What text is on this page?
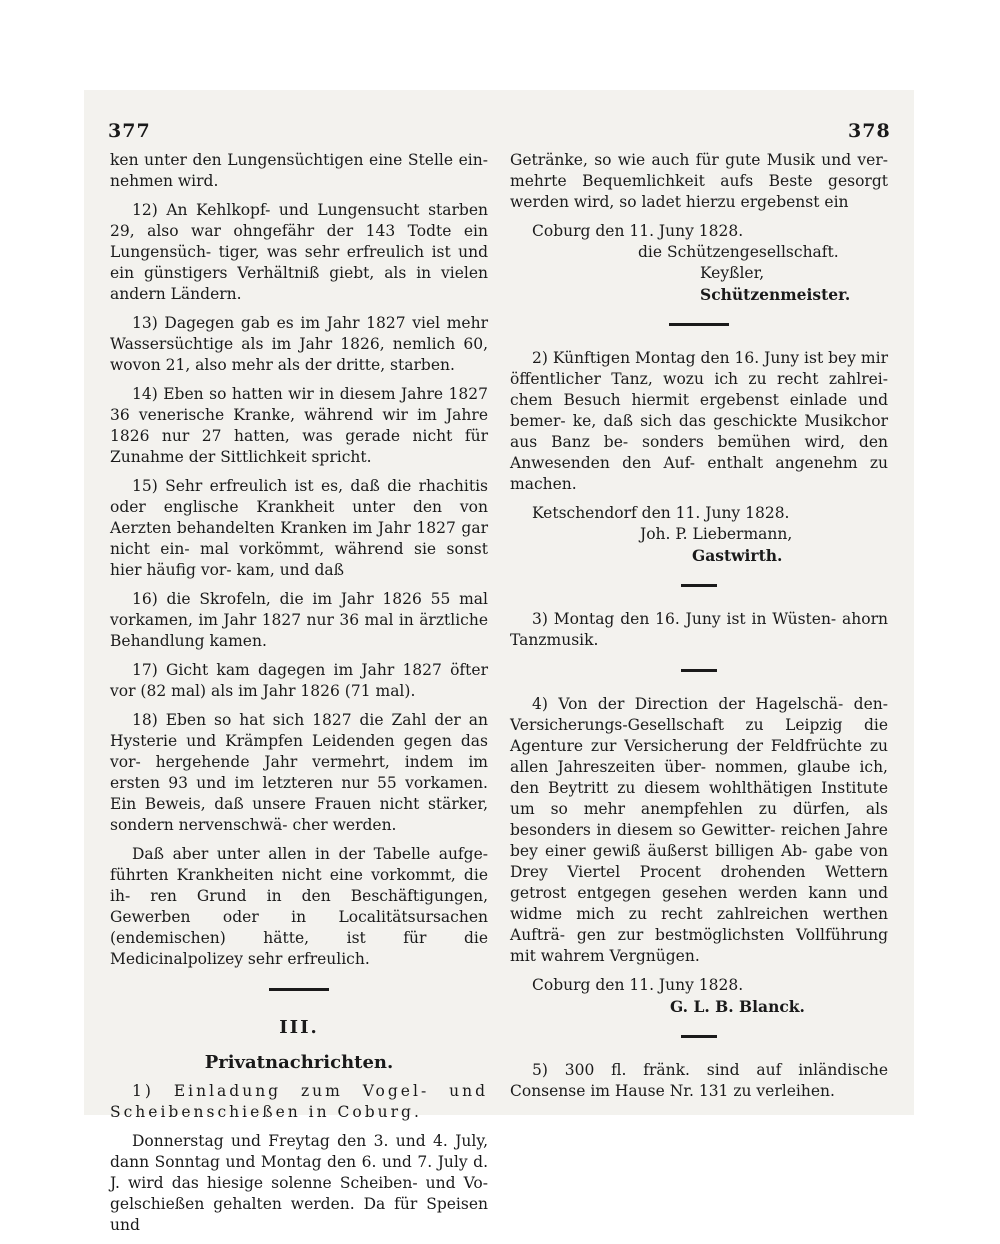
377	378

ken unter den Lungensüchtigen eine Stelle ein- nehmen wird.

12) An Kehlkopf- und Lungensucht starben 29, also war ohngefähr der 143 Todte ein Lungensüch- tiger, was sehr erfreulich ist und ein günstigers Verhältniß giebt, als in vielen andern Ländern.

13) Dagegen gab es im Jahr 1827 viel mehr Wassersüchtige als im Jahr 1826, nemlich 60, wovon 21, also mehr als der dritte, starben.

14) Eben so hatten wir in diesem Jahre 1827 36 venerische Kranke, während wir im Jahre 1826 nur 27 hatten, was gerade nicht für Zunahme der Sittlichkeit spricht.

15) Sehr erfreulich ist es, daß die rhachitis oder englische Krankheit unter den von Aerzten behandelten Kranken im Jahr 1827 gar nicht ein- mal vorkömmt, während sie sonst hier häufig vor- kam, und daß

16) die Skrofeln, die im Jahr 1826 55 mal vorkamen, im Jahr 1827 nur 36 mal in ärztliche Behandlung kamen.

17) Gicht kam dagegen im Jahr 1827 öfter vor (82 mal) als im Jahr 1826 (71 mal).

18) Eben so hat sich 1827 die Zahl der an Hysterie und Krämpfen Leidenden gegen das vor- hergehende Jahr vermehrt, indem im ersten 93 und im letzteren nur 55 vorkamen. Ein Beweis, daß unsere Frauen nicht stärker, sondern nervenschwä- cher werden.

Daß aber unter allen in der Tabelle aufge- führten Krankheiten nicht eine vorkommt, die ih- ren Grund in den Beschäftigungen, Gewerben oder in Localitätsursachen (endemischen) hätte, ist für die Medicinalpolizey sehr erfreulich.

III.
Privatnachrichten.

1) Einladung zum Vogel- und Scheibenschießen in Coburg.

Donnerstag und Freytag den 3. und 4. July, dann Sonntag und Montag den 6. und 7. July d. J. wird das hiesige solenne Scheiben- und Vo- gelschießen gehalten werden. Da für Speisen und

Getränke, so wie auch für gute Musik und ver- mehrte Bequemlichkeit aufs Beste gesorgt werden wird, so ladet hierzu ergebenst ein

Coburg den 11. Juny 1828.

die Schützengesellschaft.

Keyßler,

Schützenmeister.

2) Künftigen Montag den 16. Juny ist bey mir öffentlicher Tanz, wozu ich zu recht zahlrei- chem Besuch hiermit ergebenst einlade und bemer- ke, daß sich das geschickte Musikchor aus Banz be- sonders bemühen wird, den Anwesenden den Auf- enthalt angenehm zu machen.

Ketschendorf den 11. Juny 1828.

Joh. P. Liebermann,

Gastwirth.

3) Montag den 16. Juny ist in Wüsten- ahorn Tanzmusik.

4) Von der Direction der Hagelschä- den-Versicherungs-Gesellschaft zu Leipzig die Agenture zur Versicherung der Feldfrüchte zu allen Jahreszeiten über- nommen, glaube ich, den Beytritt zu diesem wohlthätigen Institute um so mehr anempfehlen zu dürfen, als besonders in diesem so Gewitter- reichen Jahre bey einer gewiß äußerst billigen Ab- gabe von Drey Viertel Procent drohenden Wettern getrost entgegen gesehen werden kann und widme mich zu recht zahlreichen werthen Aufträ- gen zur bestmöglichsten Vollführung mit wahrem Vergnügen.

Coburg den 11. Juny 1828.

G. L. B. Blanck.

5) 300 fl. fränk. sind auf inländische Consense im Hause Nr. 131 zu verleihen.
